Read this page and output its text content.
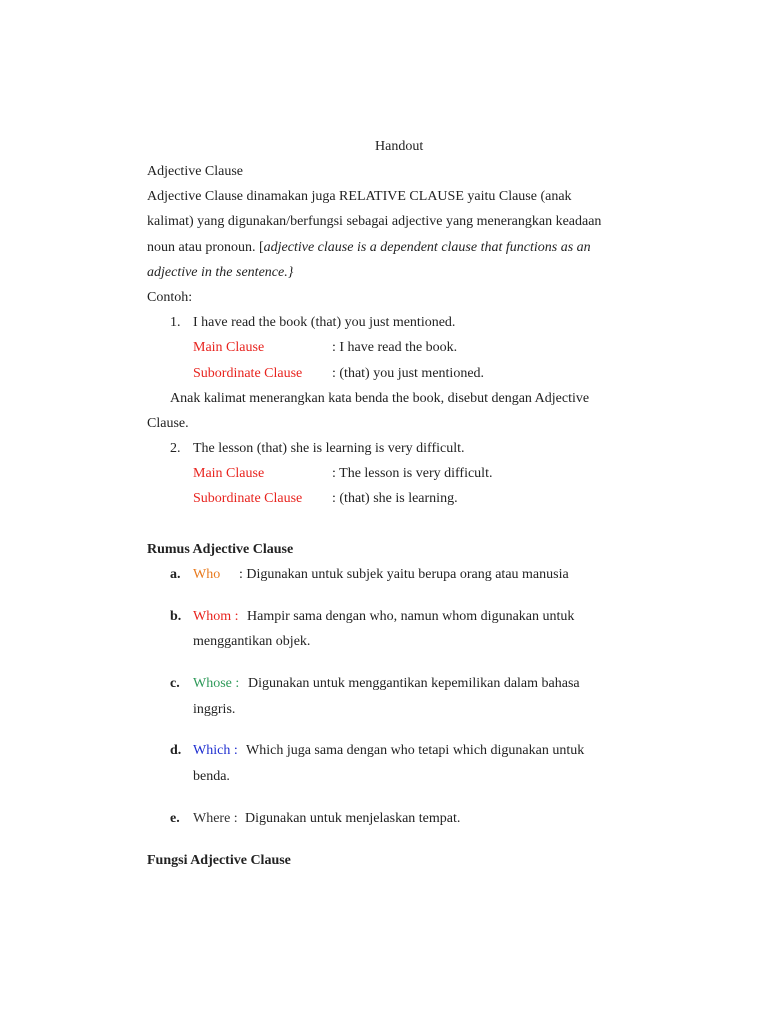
Handout
Adjective Clause
Adjective Clause dinamakan juga RELATIVE CLAUSE yaitu Clause (anak
kalimat) yang digunakan/berfungsi sebagai adjective yang menerangkan keadaan
noun atau pronoun. [adjective clause is a dependent clause that functions as an
adjective in the sentence.}
Contoh:
1. I have read the book (that) you just mentioned.
Main Clause	: I have read the book.
Subordinate Clause : (that) you just mentioned.
Anak kalimat menerangkan kata benda the book, disebut dengan Adjective
Clause.
2. The lesson (that) she is learning is very difficult.
Main Clause	: The lesson is very difficult.
Subordinate Clause : (that) she is learning.
Rumus Adjective Clause
a. Who : Digunakan untuk subjek yaitu berupa orang atau manusia
b. Whom : Hampir sama dengan who, namun whom digunakan untuk
menggantikan objek.
c. Whose : Digunakan untuk menggantikan kepemilikan dalam bahasa
inggris.
d. Which : Which juga sama dengan who tetapi which digunakan untuk
benda.
e. Where : Digunakan untuk menjelaskan tempat.
Fungsi Adjective Clause
